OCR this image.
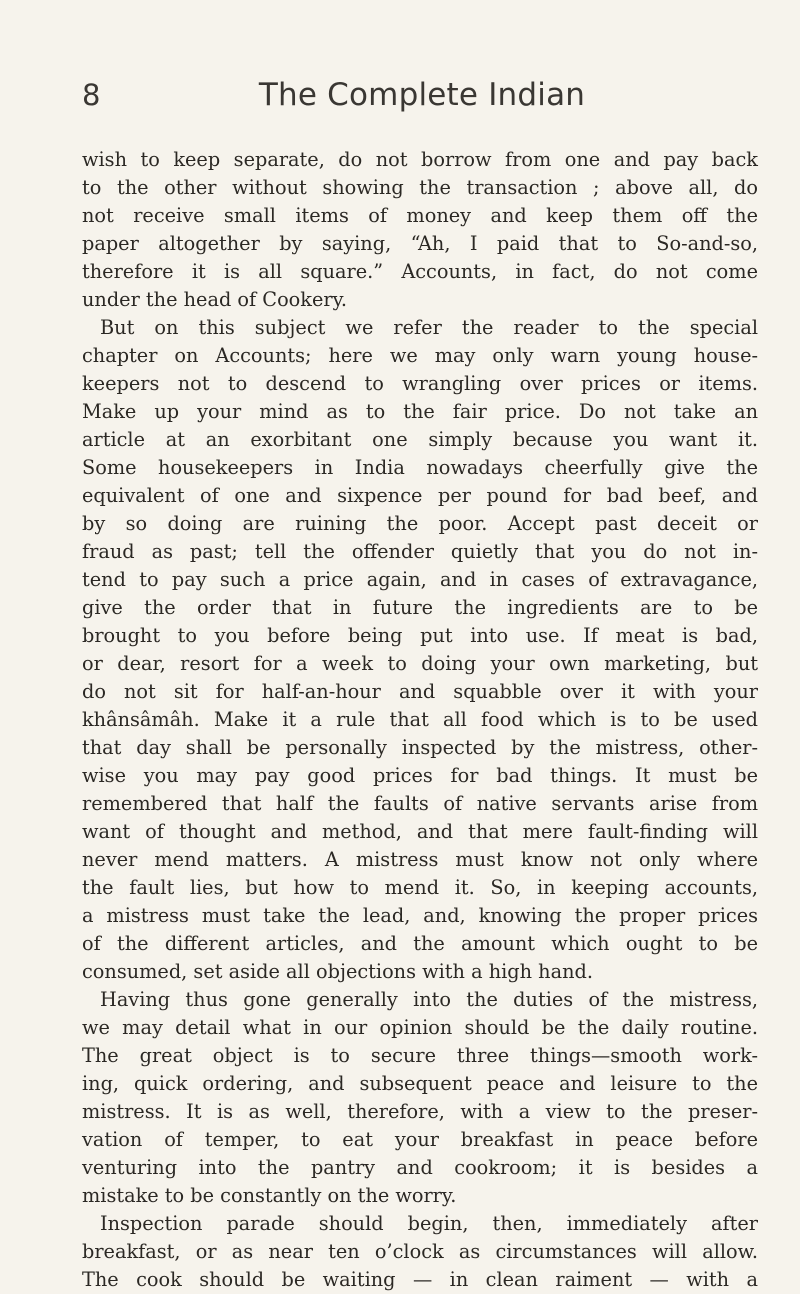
8	The Complete Indian
wish to keep separate, do not borrow from one and pay back
to the other without showing the transaction ; above all, do
not receive small items of money and keep them off the
paper altogether by saying, “Ah, I paid that to So-and-so,
therefore it is all square.” Accounts, in fact, do not come
under the head of Cookery.
But on this subject we refer the reader to the special
chapter on Accounts; here we may only warn young house-
keepers not to descend to wrangling over prices or items.
Make up your mind as to the fair price. Do not take an
article at an exorbitant one simply because you want it.
Some housekeepers in India nowadays cheerfully give the
equivalent of one and sixpence per pound for bad beef, and
by so doing are ruining the poor. Accept past deceit or
fraud as past; tell the offender quietly that you do not in-
tend to pay such a price again, and in cases of extravagance,
give the order that in future the ingredients are to be
brought to you before being put into use. If meat is bad,
or dear, resort for a week to doing your own marketing, but
do not sit for half-an-hour and squabble over it with your
khânsâmâh. Make it a rule that all food which is to be used
that day shall be personally inspected by the mistress, other-
wise you may pay good prices for bad things. It must be
remembered that half the faults of native servants arise from
want of thought and method, and that mere fault-finding will
never mend matters. A mistress must know not only where
the fault lies, but how to mend it. So, in keeping accounts,
a mistress must take the lead, and, knowing the proper prices
of the different articles, and the amount which ought to be
consumed, set aside all objections with a high hand.
Having thus gone generally into the duties of the mistress,
we may detail what in our opinion should be the daily routine.
The great object is to secure three things—smooth work-
ing, quick ordering, and subsequent peace and leisure to the
mistress. It is as well, therefore, with a view to the preser-
vation of temper, to eat your breakfast in peace before
venturing into the pantry and cookroom; it is besides a
mistake to be constantly on the worry.
Inspection parade should begin, then, immediately after
breakfast, or as near ten o’clock as circumstances will allow.
The cook should be waiting — in clean raiment — with a
